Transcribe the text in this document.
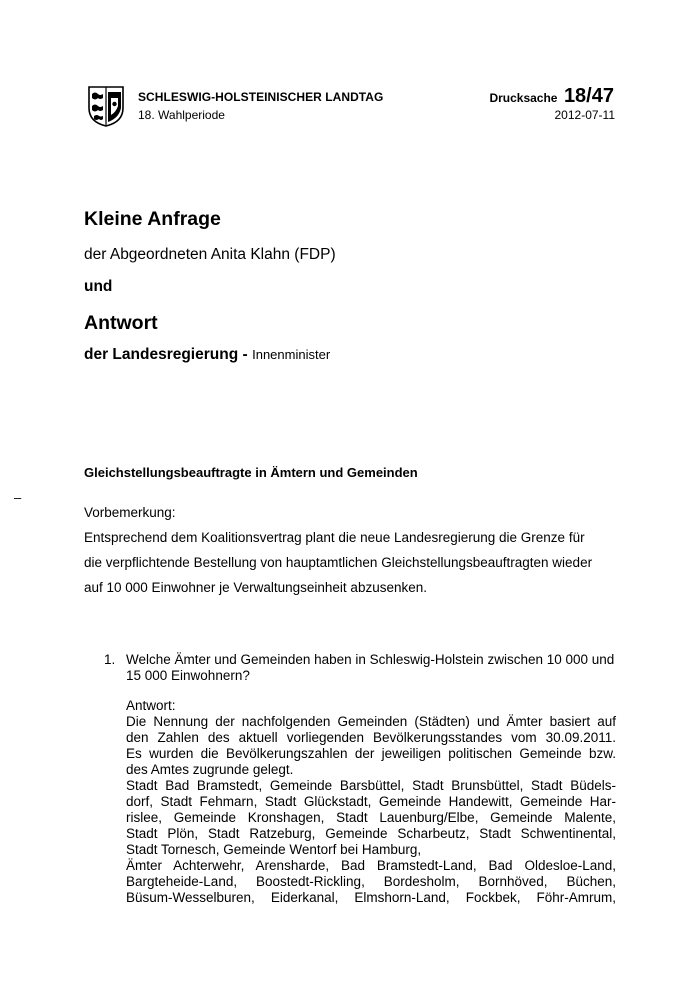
SCHLESWIG-HOLSTEINISCHER LANDTAG
18. Wahlperiode
Drucksache 18/47
2012-07-11
Kleine Anfrage
der Abgeordneten Anita Klahn (FDP)
und
Antwort
der Landesregierung - Innenminister
Gleichstellungsbeauftragte in Ämtern und Gemeinden
–
Vorbemerkung:
Entsprechend dem Koalitionsvertrag plant die neue Landesregierung die Grenze für
die verpflichtende Bestellung von hauptamtlichen Gleichstellungsbeauftragten wieder
auf 10 000 Einwohner je Verwaltungseinheit abzusenken.
1. Welche Ämter und Gemeinden haben in Schleswig-Holstein zwischen 10 000 und 15 000 Einwohnern?
Antwort:
Die Nennung der nachfolgenden Gemeinden (Städten) und Ämter basiert auf
den Zahlen des aktuell vorliegenden Bevölkerungsstandes vom 30.09.2011.
Es wurden die Bevölkerungszahlen der jeweiligen politischen Gemeinde bzw.
des Amtes zugrunde gelegt.
Stadt Bad Bramstedt, Gemeinde Barsbüttel, Stadt Brunsbüttel, Stadt Büdels-
dorf, Stadt Fehmarn, Stadt Glückstadt, Gemeinde Handewitt, Gemeinde Har-
rislee, Gemeinde Kronshagen, Stadt Lauenburg/Elbe, Gemeinde Malente,
Stadt Plön, Stadt Ratzeburg, Gemeinde Scharbeutz, Stadt Schwentinental,
Stadt Tornesch, Gemeinde Wentorf bei Hamburg,
Ämter Achterwehr, Arensharde, Bad Bramstedt-Land, Bad Oldesloe-Land,
Bargteheide-Land, Boostedt-Rickling, Bordesholm, Bornhöved, Büchen,
Büsum-Wesselburen, Eiderkanal, Elmshorn-Land, Fockbek, Föhr-Amrum,
